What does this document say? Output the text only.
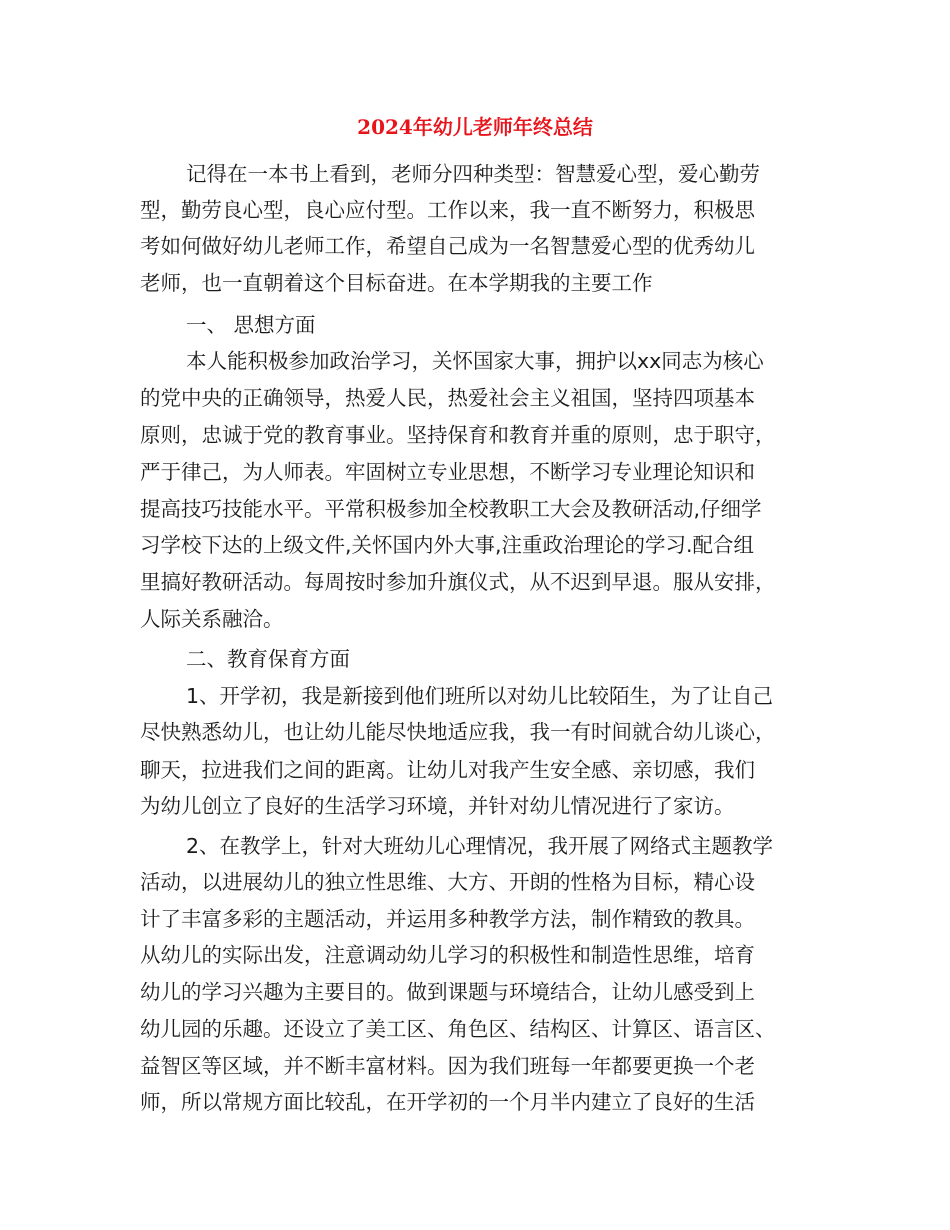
2024年幼儿老师年终总结

记得在一本书上看到，老师分四种类型：智慧爱心型，爱心勤劳

型，勤劳良心型，良心应付型。工作以来，我一直不断努力，积极思

考如何做好幼儿老师工作，希望自己成为一名智慧爱心型的优秀幼儿

老师，也一直朝着这个目标奋进。在本学期我的主要工作

一、 思想方面

本人能积极参加政治学习，关怀国家大事，拥护以xx同志为核心

的党中央的正确领导，热爱人民，热爱社会主义祖国，坚持四项基本

原则，忠诚于党的教育事业。坚持保育和教育并重的原则，忠于职守，

严于律己，为人师表。牢固树立专业思想，不断学习专业理论知识和

提高技巧技能水平。平常积极参加全校教职工大会及教研活动,仔细学

习学校下达的上级文件,关怀国内外大事,注重政治理论的学习.配合组

里搞好教研活动。每周按时参加升旗仪式，从不迟到早退。服从安排，

人际关系融洽。

二、教育保育方面

1、开学初，我是新接到他们班所以对幼儿比较陌生，为了让自己

尽快熟悉幼儿，也让幼儿能尽快地适应我，我一有时间就合幼儿谈心，

聊天，拉进我们之间的距离。让幼儿对我产生安全感、亲切感，我们

为幼儿创立了良好的生活学习环境，并针对幼儿情况进行了家访。

2、在教学上，针对大班幼儿心理情况，我开展了网络式主题教学

活动，以进展幼儿的独立性思维、大方、开朗的性格为目标，精心设

计了丰富多彩的主题活动，并运用多种教学方法，制作精致的教具。

从幼儿的实际出发，注意调动幼儿学习的积极性和制造性思维，培育

幼儿的学习兴趣为主要目的。做到课题与环境结合，让幼儿感受到上

幼儿园的乐趣。还设立了美工区、角色区、结构区、计算区、语言区、

益智区等区域，并不断丰富材料。因为我们班每一年都要更换一个老

师，所以常规方面比较乱，在开学初的一个月半内建立了良好的生活
